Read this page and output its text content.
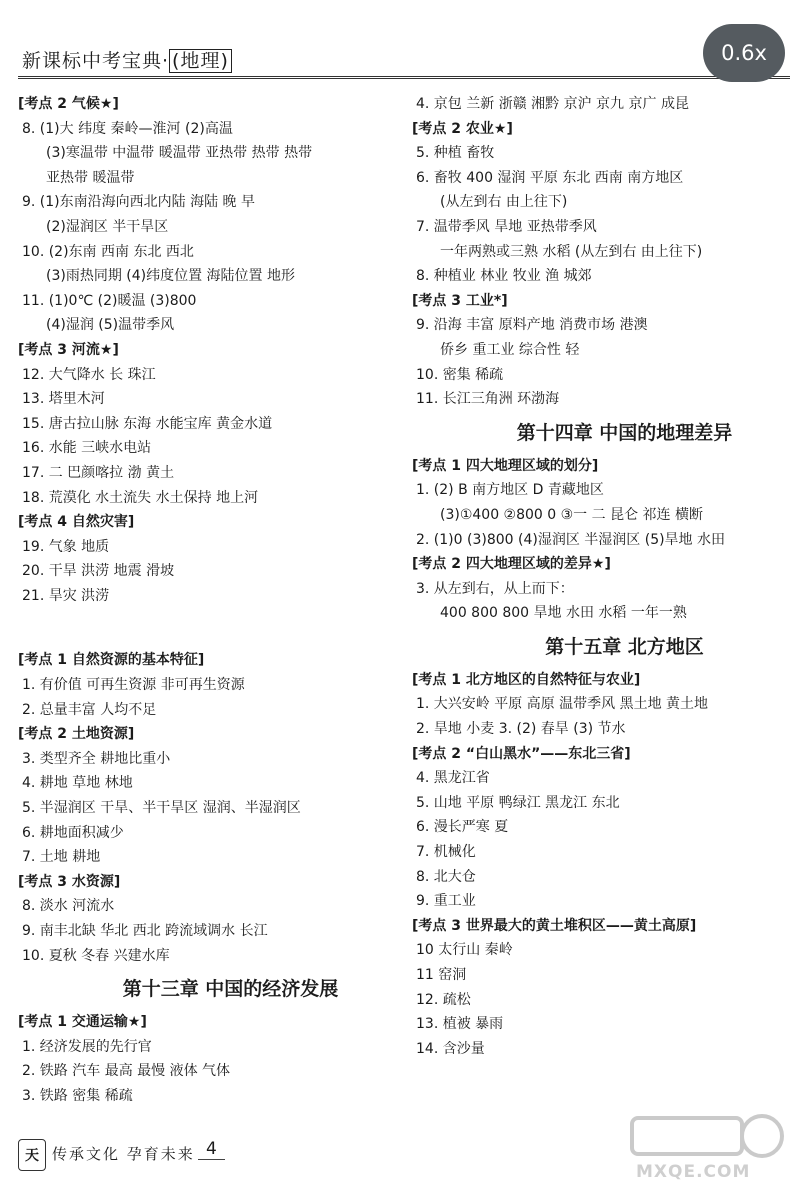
新课标中考宝典· (地理)	0.6x
[考点 2 气候★]
8. (1)大 纬度 秦岭—淮河 (2)高温
(3)寒温带 中温带 暖温带 亚热带 热带 热带
亚热带 暖温带
9. (1)东南沿海向西北内陆 海陆 晚 早
(2)湿润区 半干旱区
10. (2)东南 西南 东北 西北
(3)雨热同期 (4)纬度位置 海陆位置 地形
11. (1)0℃ (2)暖温 (3)800
(4)湿润 (5)温带季风
[考点 3 河流★]
12. 大气降水 长 珠江
13. 塔里木河
15. 唐古拉山脉 东海 水能宝库 黄金水道
16. 水能 三峡水电站
17. 二 巴颜喀拉 渤 黄土
18. 荒漠化 水土流失 水土保持 地上河
[考点 4 自然灾害]
19. 气象 地质
20. 干旱 洪涝 地震 滑坡
21. 旱灾 洪涝
[考点 1 自然资源的基本特征]
1. 有价值 可再生资源 非可再生资源
2. 总量丰富 人均不足
[考点 2 土地资源]
3. 类型齐全 耕地比重小
4. 耕地 草地 林地
5. 半湿润区 干旱、半干旱区 湿润、半湿润区
6. 耕地面积减少
7. 土地 耕地
[考点 3 水资源]
8. 淡水 河流水
9. 南丰北缺 华北 西北 跨流域调水 长江
10. 夏秋 冬春 兴建水库
第十三章 中国的经济发展
[考点 1 交通运输★]
1. 经济发展的先行官
2. 铁路 汽车 最高 最慢 液体 气体
3. 铁路 密集 稀疏
4. 京包 兰新 浙赣 湘黔 京沪 京九 京广 成昆
[考点 2 农业★]
5. 种植 畜牧
6. 畜牧 400 湿润 平原 东北 西南 南方地区
(从左到右 由上往下)
7. 温带季风 旱地 亚热带季风
一年两熟或三熟 水稻 (从左到右 由上往下)
8. 种植业 林业 牧业 渔 城郊
[考点 3 工业*]
9. 沿海 丰富 原料产地 消费市场 港澳
侨乡 重工业 综合性 轻
10. 密集 稀疏
11. 长江三角洲 环渤海
第十四章 中国的地理差异
[考点 1 四大地理区域的划分]
1. (2) B 南方地区 D 青藏地区
(3)①400 ②800 0 ③一 二 昆仑 祁连 横断
2. (1)0 (3)800 (4)湿润区 半湿润区 (5)旱地 水田
[考点 2 四大地理区域的差异★]
3. 从左到右，从上而下：
400 800 800 旱地 水田 水稻 一年一熟
第十五章 北方地区
[考点 1 北方地区的自然特征与农业]
1. 大兴安岭 平原 高原 温带季风 黑土地 黄土地
2. 旱地 小麦 3. (2) 春旱 (3) 节水
[考点 2 “白山黑水”——东北三省]
4. 黑龙江省
5. 山地 平原 鸭绿江 黑龙江 东北
6. 漫长严寒 夏
7. 机械化
8. 北大仓
9. 重工业
[考点 3 世界最大的黄土堆积区——黄土高原]
10 太行山 秦岭
11 窑洞
12. 疏松
13. 植被 暴雨
14. 含沙量
天 传承文化 孕育未来 4
MXQE.COM
